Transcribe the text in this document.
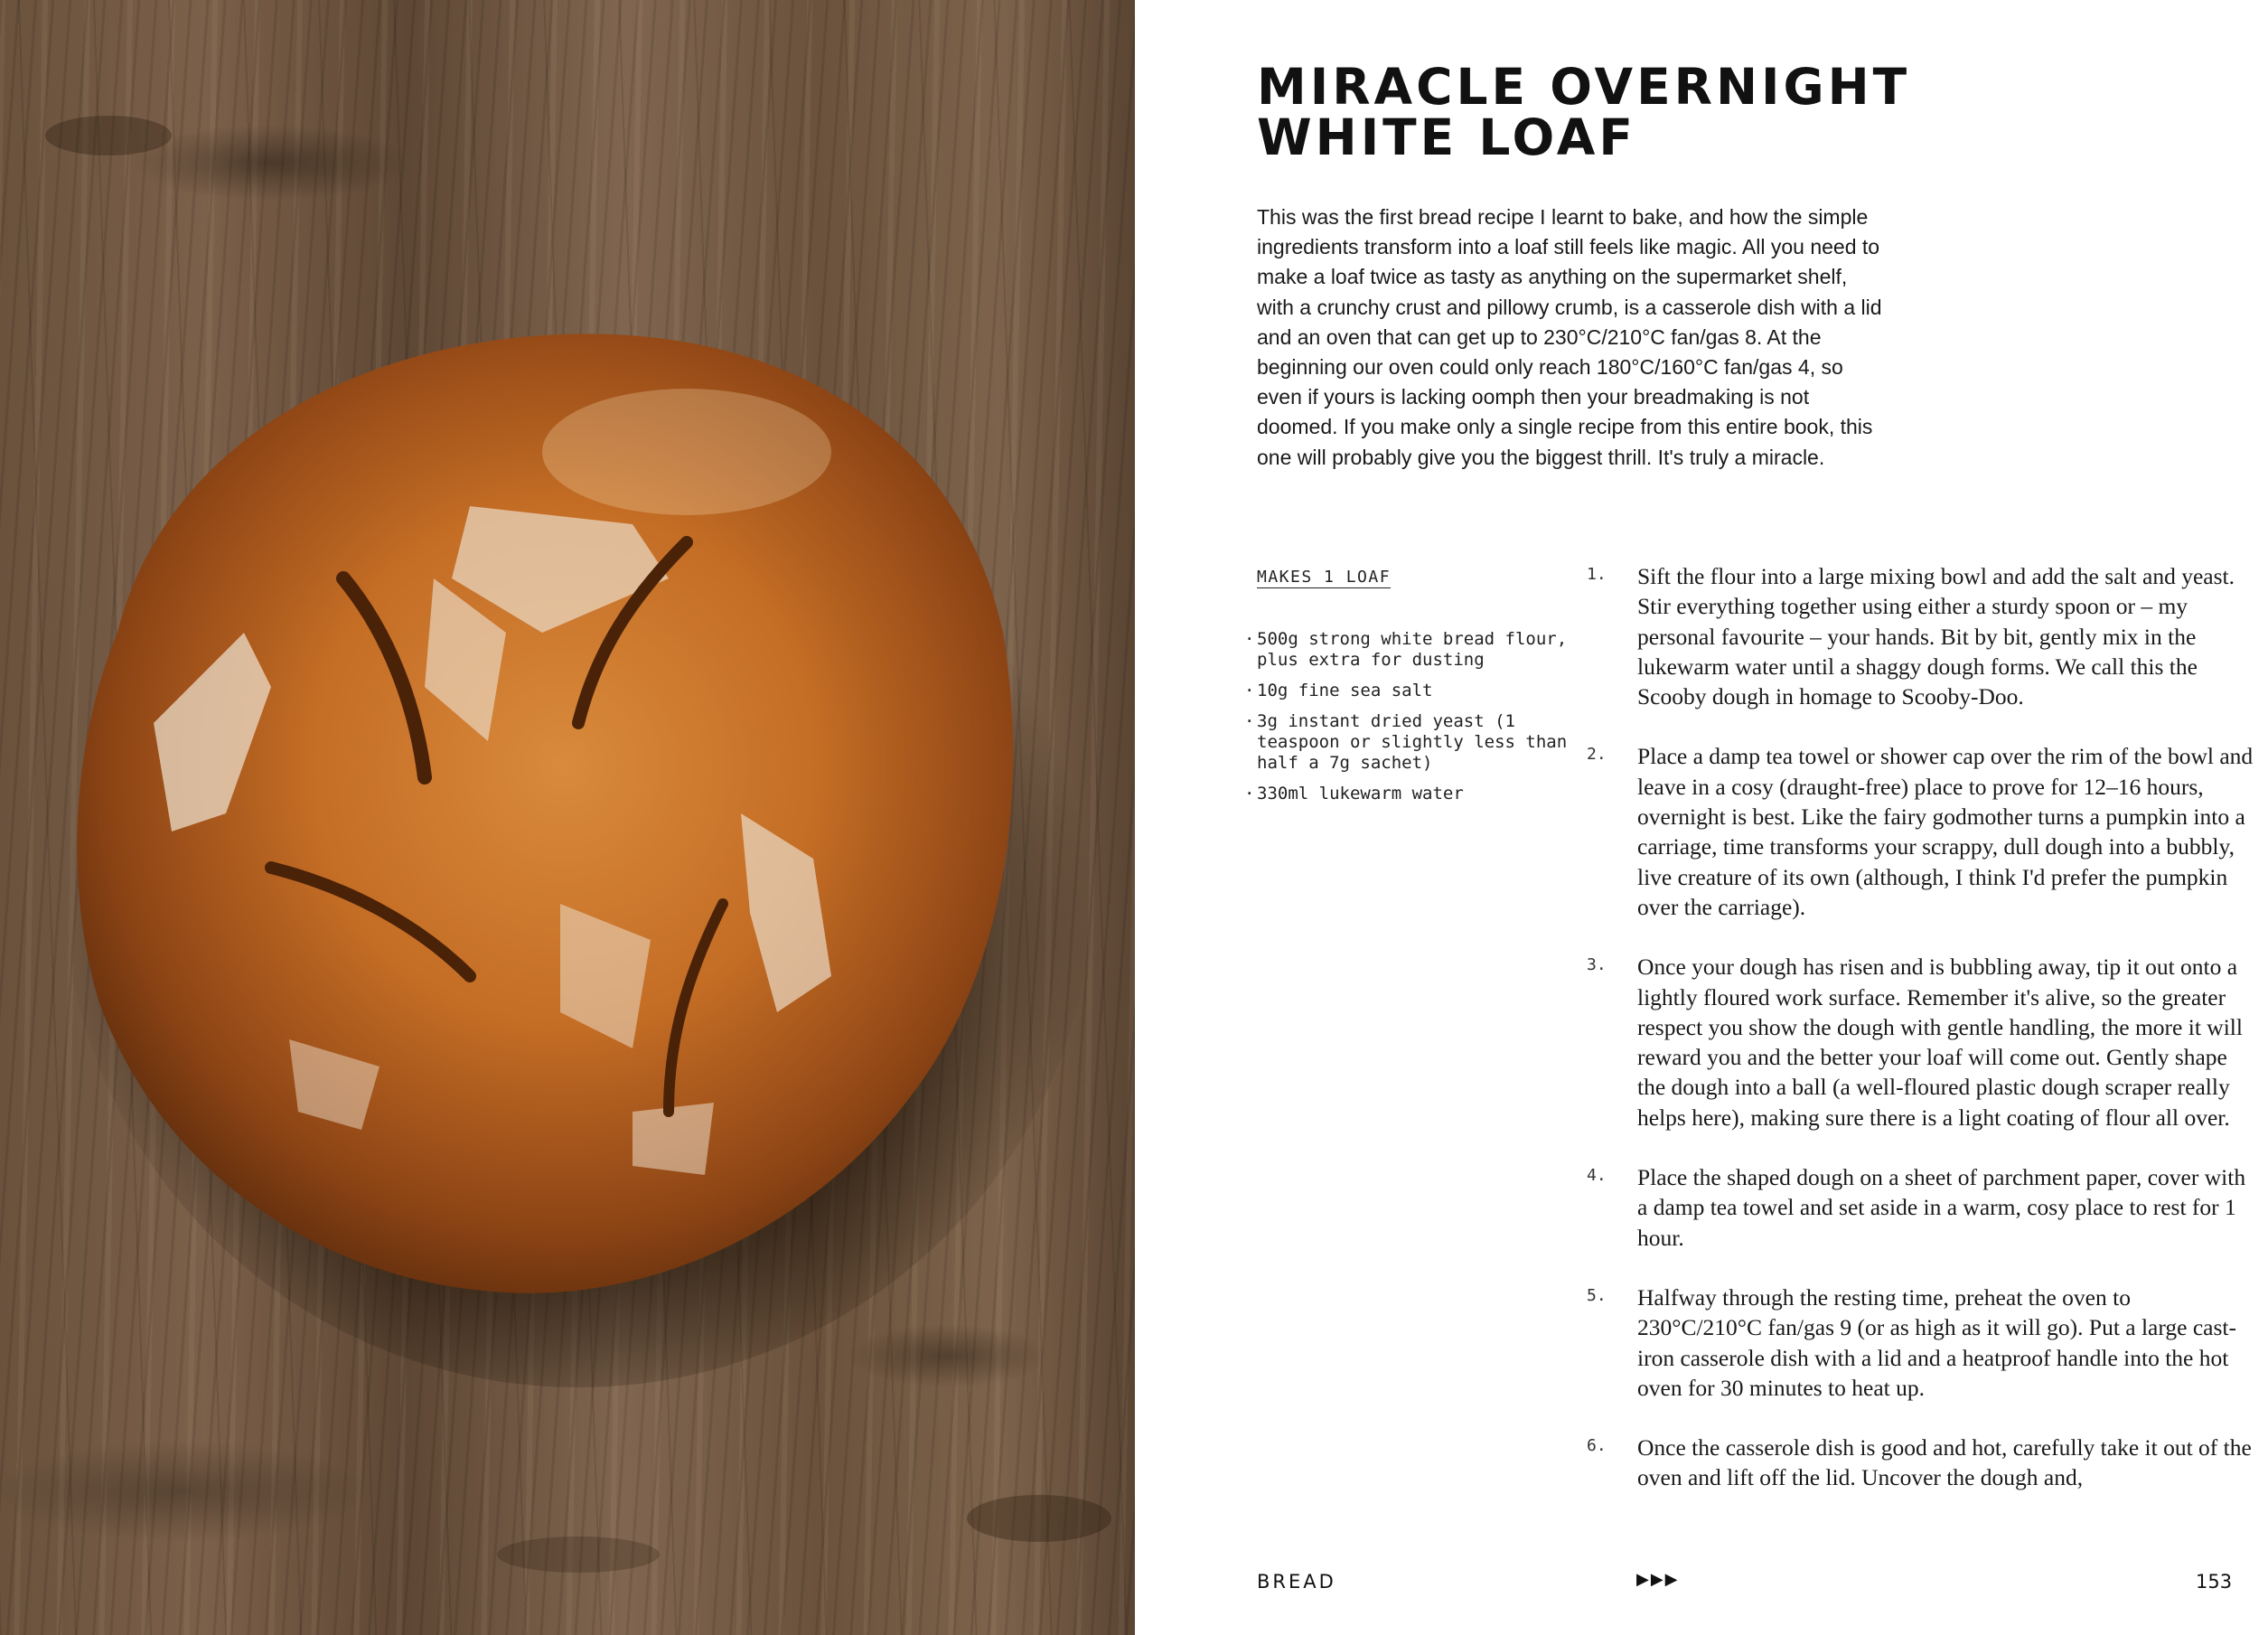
MIRACLE OVERNIGHT
WHITE LOAF

This was the first bread recipe I learnt to bake, and how the simple ingredients transform into a loaf still feels like magic. All you need to make a loaf twice as tasty as anything on the supermarket shelf, with a crunchy crust and pillowy crumb, is a casserole dish with a lid and an oven that can get up to 230°C/210°C fan/gas 8. At the beginning our oven could only reach 180°C/160°C fan/gas 4, so even if yours is lacking oomph then your breadmaking is not doomed. If you make only a single recipe from this entire book, this one will probably give you the biggest thrill. It's truly a miracle.

MAKES 1 LOAF

· 500g strong white bread flour, plus extra for dusting
· 10g fine sea salt
· 3g instant dried yeast (1 teaspoon or slightly less than half a 7g sachet)
· 330ml lukewarm water
1. Sift the flour into a large mixing bowl and add the salt and yeast. Stir everything together using either a sturdy spoon or – my personal favourite – your hands. Bit by bit, gently mix in the lukewarm water until a shaggy dough forms. We call this the Scooby dough in homage to Scooby-Doo.
2. Place a damp tea towel or shower cap over the rim of the bowl and leave in a cosy (draught-free) place to prove for 12–16 hours, overnight is best. Like the fairy godmother turns a pumpkin into a carriage, time transforms your scrappy, dull dough into a bubbly, live creature of its own (although, I think I'd prefer the pumpkin over the carriage).
3. Once your dough has risen and is bubbling away, tip it out onto a lightly floured work surface. Remember it's alive, so the greater respect you show the dough with gentle handling, the more it will reward you and the better your loaf will come out. Gently shape the dough into a ball (a well-floured plastic dough scraper really helps here), making sure there is a light coating of flour all over.
4. Place the shaped dough on a sheet of parchment paper, cover with a damp tea towel and set aside in a warm, cosy place to rest for 1 hour.
5. Halfway through the resting time, preheat the oven to 230°C/210°C fan/gas 9 (or as high as it will go). Put a large cast-iron casserole dish with a lid and a heatproof handle into the hot oven for 30 minutes to heat up.
6. Once the casserole dish is good and hot, carefully take it out of the oven and lift off the lid. Uncover the dough and,

BREAD	▶▶▶	153
